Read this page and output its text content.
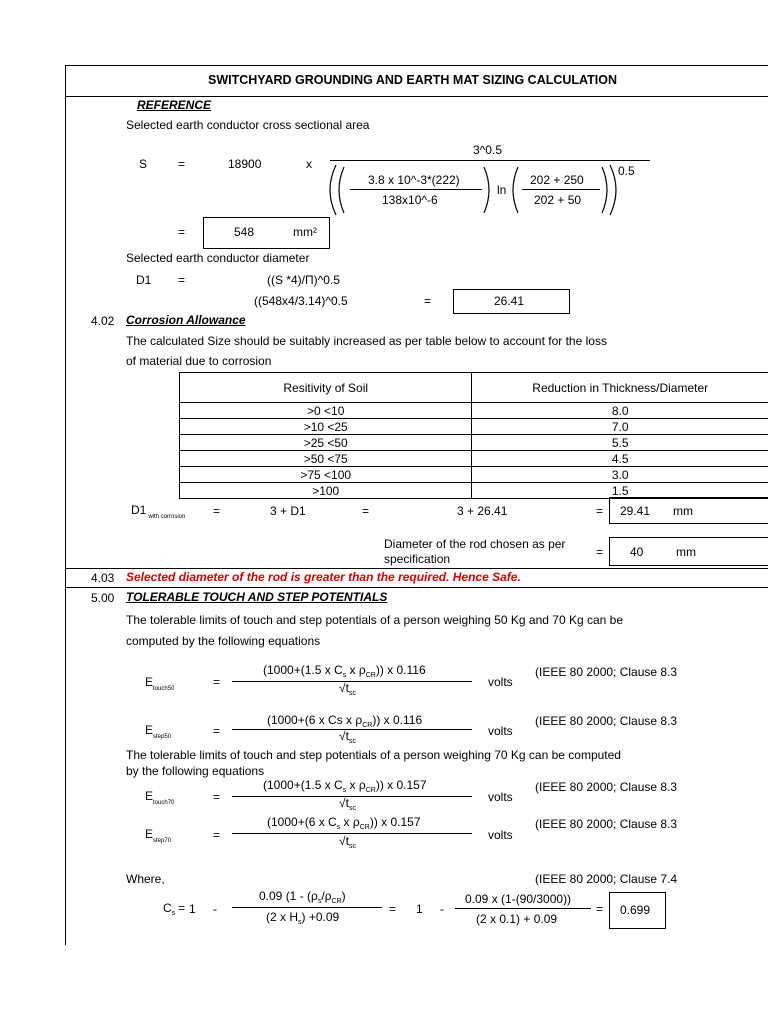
SWITCHYARD GROUNDING AND EARTH MAT SIZING CALCULATION
REFERENCE
Selected earth conductor cross sectional area
S	=	18900	x
3^0.5
3.8 x 10^-3*(222)
138x10^-6
ln
202 + 250
202 + 50
0.5
=	548	mm²
Selected earth conductor diameter
D1 =	((S *4)/Π)^0.5
((548x4/3.14)^0.5	=	26.41
4.02 Corrosion Allowance
The calculated Size should be suitably increased as per table below to account for the loss
of material due to corrosion
Resitivity of Soil	Reduction in Thickness/Diameter
>0 <10	8.0
>10 <25	7.0
>25 <50	5.5
>50 <75	4.5
>75 <100	3.0
>100	1.5
D1 $_{with corrosion}$ =	3 + D1	=	3 + 26.41	= 29.41 mm
Diameter of the rod chosen as per
specification	= 40	mm
4.03 Selected diameter of the rod is greater than the required. Hence Safe.
5.00 TOLERABLE TOUCH AND STEP POTENTIALS
The tolerable limits of touch and step potentials of a person weighing 50 Kg and 70 Kg can be
computed by the following equations
$E_{touch50}$	=
(1000+(1.5 x $C_s$ x $\rho_{CR}$)) x 0.116
$√t_{sc}$
volts
(IEEE 80 2000; Clause 8.3
$E_{step50}$	=
(1000+(6 x Cs x $\rho_{CR}$)) x 0.116
$√t_{sc}$
volts
(IEEE 80 2000; Clause 8.3
The tolerable limits of touch and step potentials of a person weighing 70 Kg can be computed
by the following equations
$E_{touch70}$	=
(1000+(1.5 x $C_s$ x $\rho_{CR}$)) x 0.157
$√t_{sc}$
volts
(IEEE 80 2000; Clause 8.3
$E_{step70}$	=
(1000+(6 x $C_s$ x $\rho_{CR}$)) x 0.157
$√t_{sc}$
volts
(IEEE 80 2000; Clause 8.3
Where,	(IEEE 80 2000; Clause 7.4
$C_s = 1$ -
0.09 ($1 - (\rho_s/\rho_{CR})$
(2 x $H_s) +0.09$
= 1 -
0.09 x (1-(90/3000))
(2 x 0.1) + 0.09
= 0.699
